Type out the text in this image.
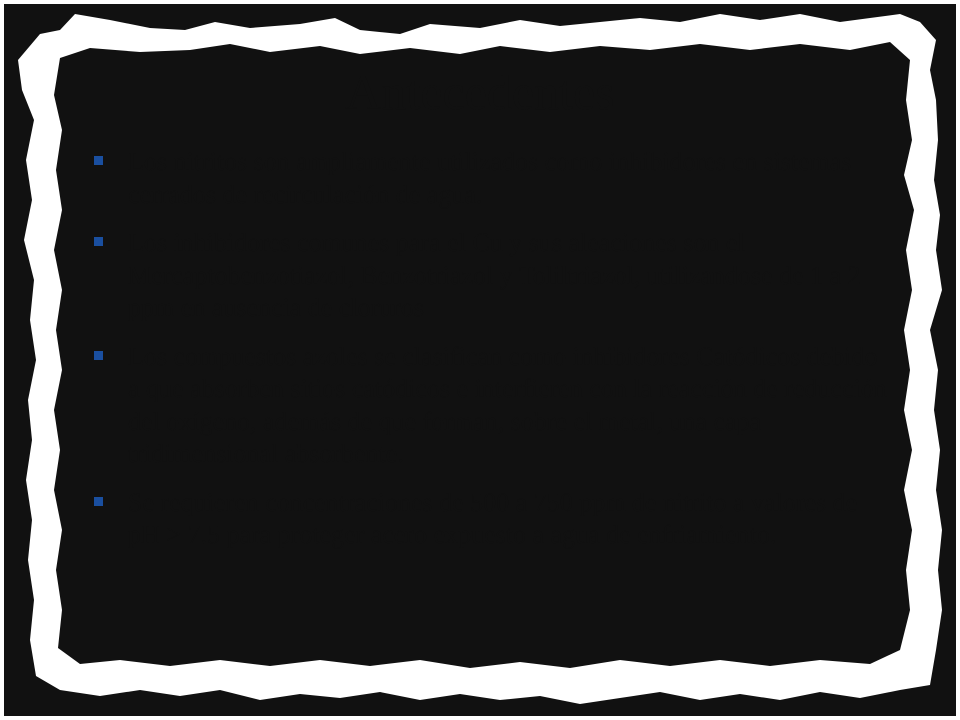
Antecedentes
Los nitritos son ampliamente utilizados como inhibidores en sistemas cerrados de recirculación de agua.
Los inhibidores comunes para el Cu y sus aleaciones son el Mercaptobenzotiazol, Benzotriazol y Toliltriazol, utilizandose de 1 a 2 ppm en ausencia de cloruros
Los compuestos azoles se clasifican como inhibidores Catódicos debido a que absorben sitios catódicos e interfieren con la reacción de reducción del oxígeno, además de que forman, sobre el metal, una capa tridimensional absorbente.
Se requieren concentraciones de 500 a 750 ppm de nitrito a valores de pH > 7.5 para proteger acero expuesto a agua de enfriamiento.
